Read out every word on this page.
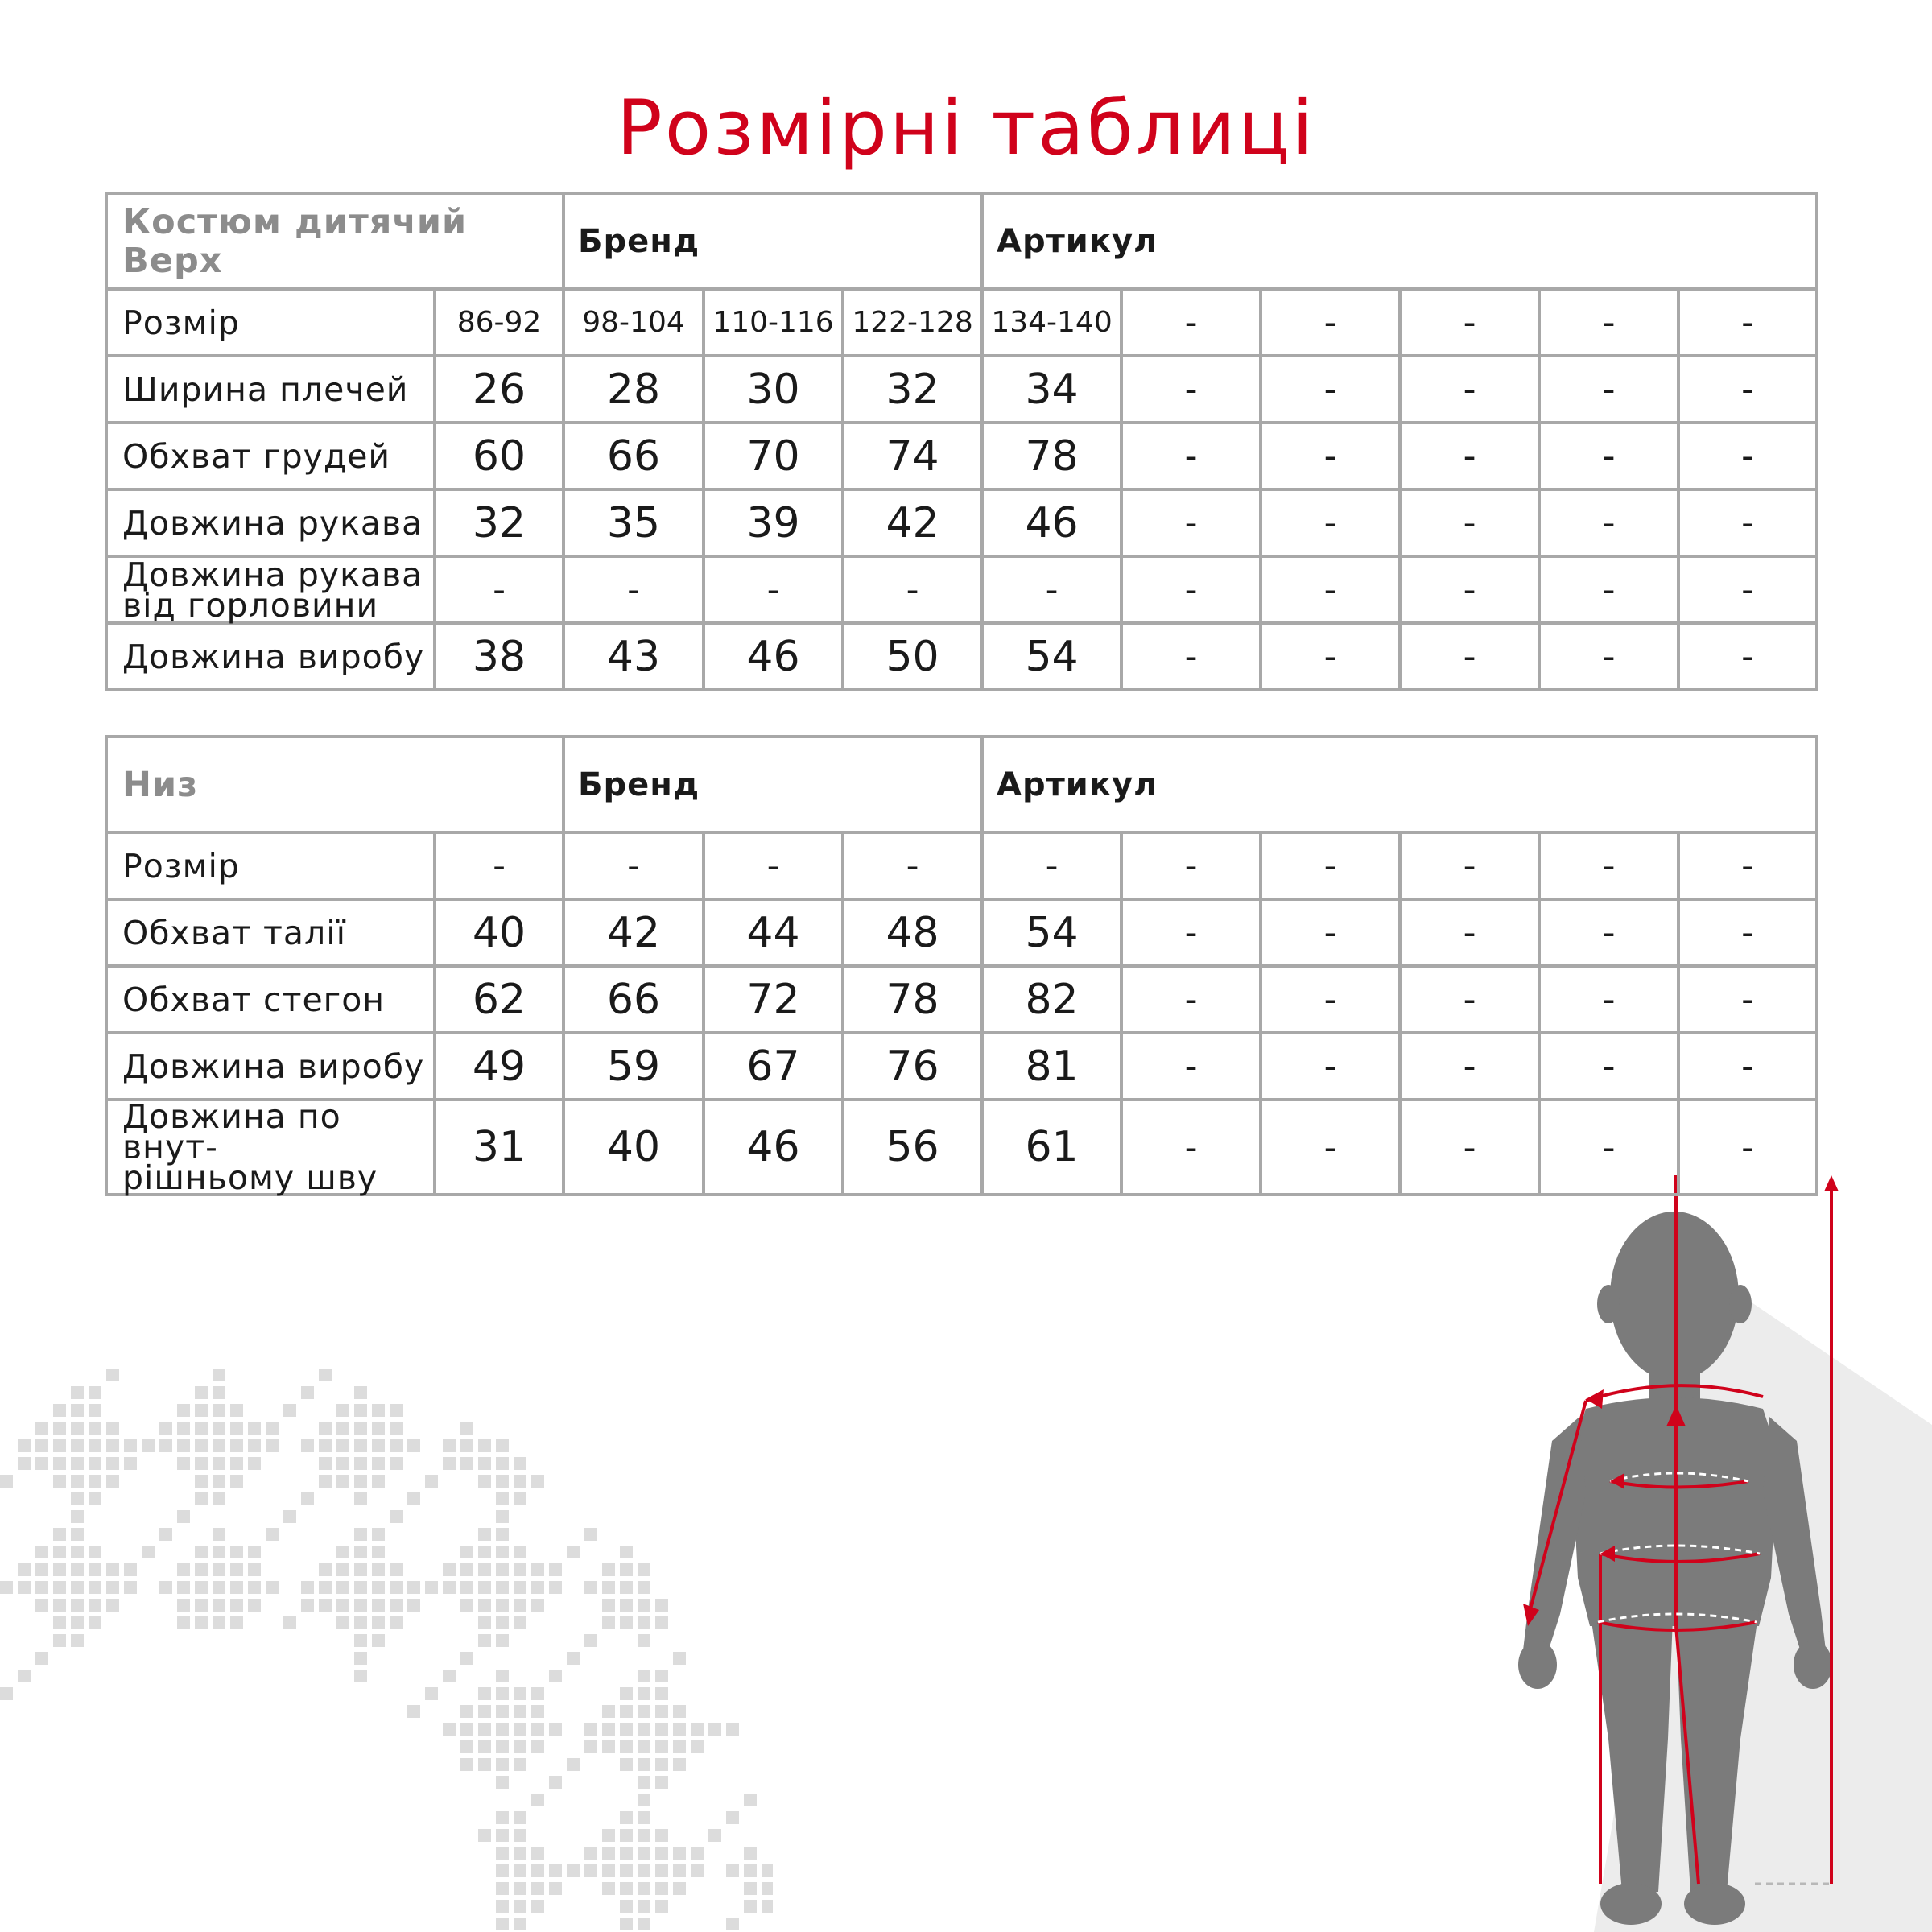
Розмірні таблиці
Костюм дитячий
Верх		Бренд			Артикул					
Розмір	86-92	98-104	110-116	122-128	134-140	-	-	-	-	-
Ширина плечей	26	28	30	32	34	-	-	-	-	-
Обхват грудей	60	66	70	74	78	-	-	-	-	-
Довжина рукава	32	35	39	42	46	-	-	-	-	-
Довжина рукава
від горловини	-	-	-	-	-	-	-	-	-	-
Довжина виробу	38	43	46	50	54	-	-	-	-	-
Низ		Бренд			Артикул					
Розмір	-	-	-	-	-	-	-	-	-	-
Обхват талії	40	42	44	48	54	-	-	-	-	-
Обхват стегон	62	66	72	78	82	-	-	-	-	-
Довжина виробу	49	59	67	76	81	-	-	-	-	-
Довжина по внут-
рішньому шву	31	40	46	56	61	-	-	-	-	-
